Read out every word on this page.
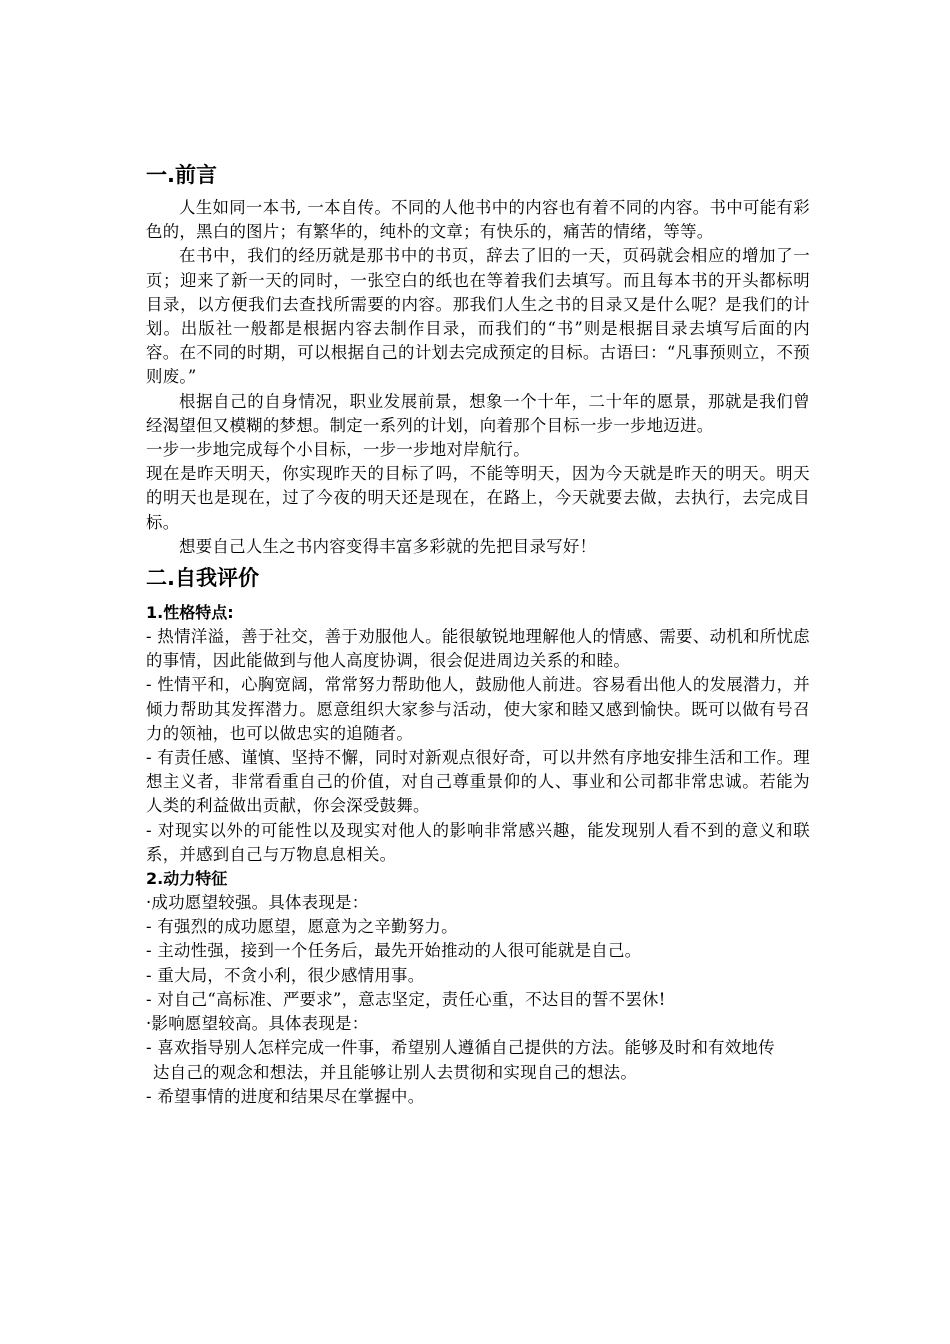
一.前言

人生如同一本书, 一本自传。不同的人他书中的内容也有着不同的内容。书中可能有彩色的，黑白的图片；有繁华的，纯朴的文章；有快乐的，痛苦的情绪，等等。

在书中，我们的经历就是那书中的书页，辞去了旧的一天，页码就会相应的增加了一页；迎来了新一天的同时，一张空白的纸也在等着我们去填写。而且每本书的开头都标明目录，以方便我们去查找所需要的内容。那我们人生之书的目录又是什么呢？是我们的计划。出版社一般都是根据内容去制作目录，而我们的“书”则是根据目录去填写后面的内容。在不同的时期，可以根据自己的计划去完成预定的目标。古语曰：“凡事预则立，不预则废。”

根据自己的自身情况，职业发展前景，想象一个十年，二十年的愿景，那就是我们曾经渴望但又模糊的梦想。制定一系列的计划，向着那个目标一步一步地迈进。

一步一步地完成每个小目标，一步一步地对岸航行。

现在是昨天明天，你实现昨天的目标了吗，不能等明天，因为今天就是昨天的明天。明天的明天也是现在，过了今夜的明天还是现在，在路上，今天就要去做，去执行，去完成目标。

想要自己人生之书内容变得丰富多彩就的先把目录写好！

二.自我评价
1.性格特点:

- 热情洋溢，善于社交，善于劝服他人。能很敏锐地理解他人的情感、需要、动机和所忧虑的事情，因此能做到与他人高度协调，很会促进周边关系的和睦。

- 性情平和，心胸宽阔，常常努力帮助他人，鼓励他人前进。容易看出他人的发展潜力，并倾力帮助其发挥潜力。愿意组织大家参与活动，使大家和睦又感到愉快。既可以做有号召力的领袖，也可以做忠实的追随者。

- 有责任感、谨慎、坚持不懈，同时对新观点很好奇，可以井然有序地安排生活和工作。理想主义者，非常看重自己的价值，对自己尊重景仰的人、事业和公司都非常忠诚。若能为人类的利益做出贡献，你会深受鼓舞。

- 对现实以外的可能性以及现实对他人的影响非常感兴趣，能发现别人看不到的意义和联系，并感到自己与万物息息相关。

2.动力特征

·成功愿望较强。具体表现是：

- 有强烈的成功愿望，愿意为之辛勤努力。

- 主动性强，接到一个任务后，最先开始推动的人很可能就是自己。

- 重大局，不贪小利，很少感情用事。

- 对自己“高标准、严要求”，意志坚定，责任心重，不达目的誓不罢休!

·影响愿望较高。具体表现是：

- 喜欢指导别人怎样完成一件事，希望别人遵循自己提供的方法。能够及时和有效地传

达自己的观念和想法，并且能够让别人去贯彻和实现自己的想法。

- 希望事情的进度和结果尽在掌握中。
